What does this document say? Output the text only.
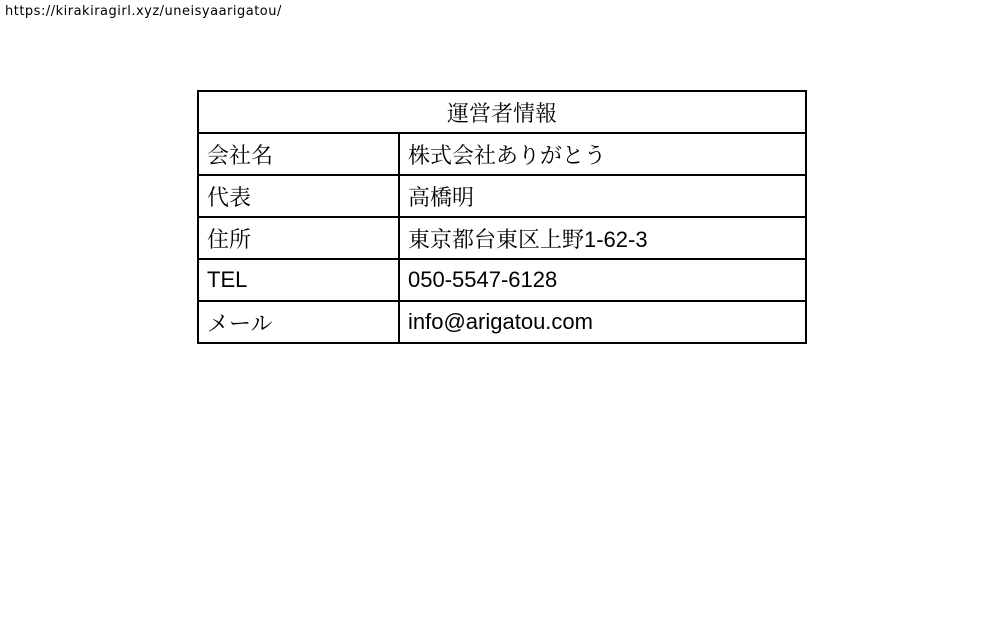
https://kirakiragirl.xyz/uneisyaarigatou/
運営者情報	
会社名	株式会社ありがとう
代表	高橋明
住所	東京都台東区上野1-62-3
TEL	050-5547-6128
メール	info@arigatou.com
